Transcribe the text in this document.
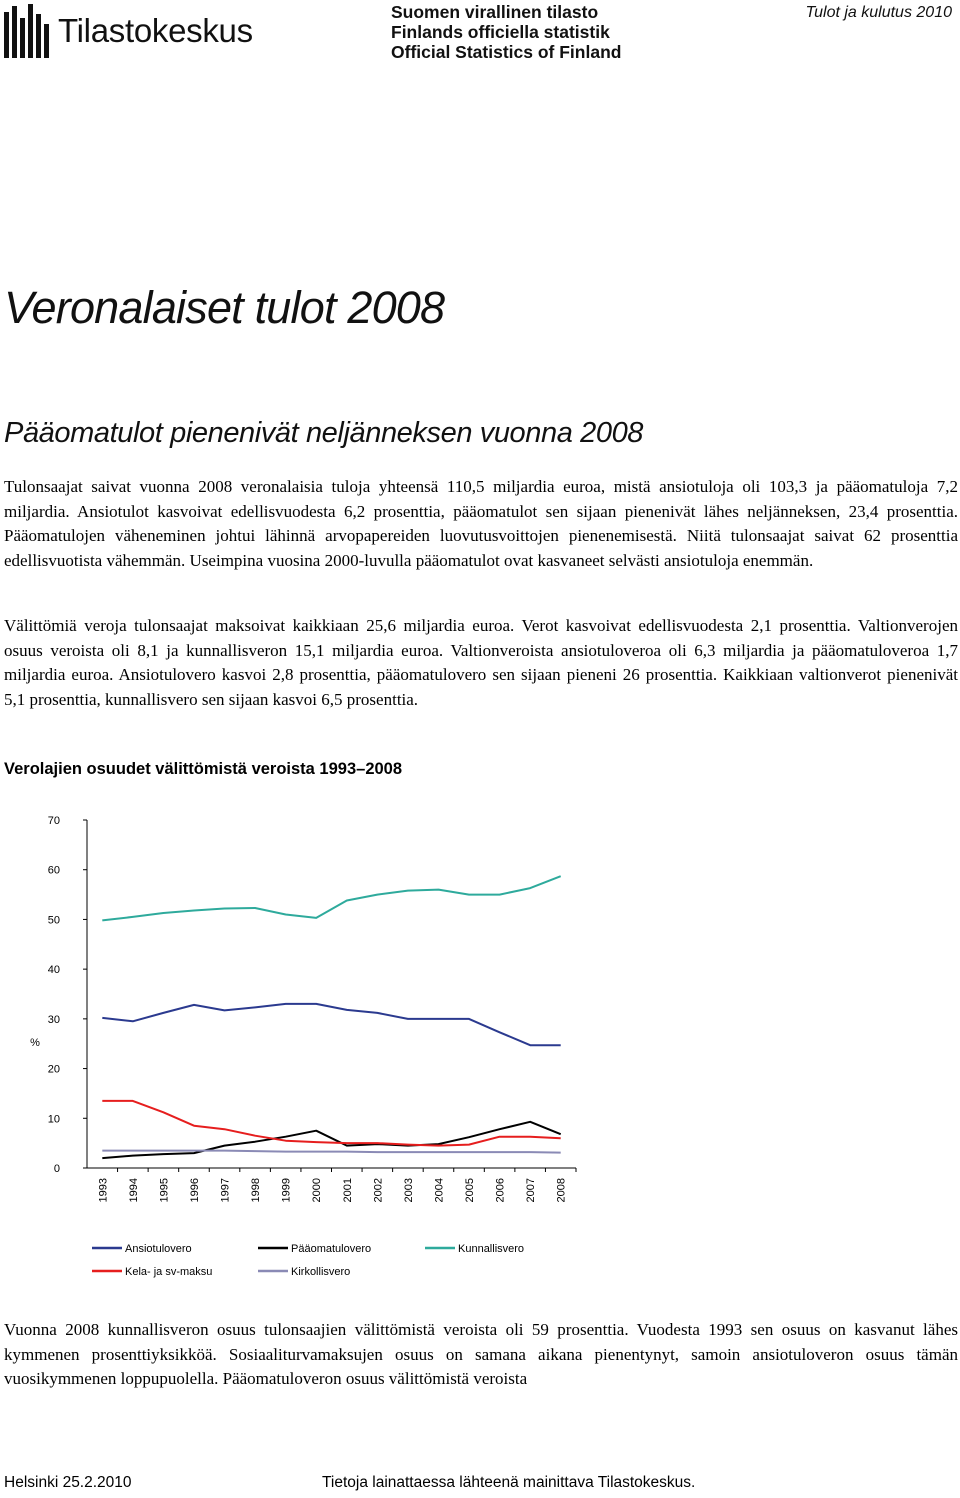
Tilastokeskus	Suomen virallinen tilasto
Finlands officiella statistik
Official Statistics of Finland
Tulot ja kulutus 2010
Veronalaiset tulot 2008
Pääomatulot pienenivät neljänneksen vuonna 2008

Tulonsaajat saivat vuonna 2008 veronalaisia tuloja yhteensä 110,5 miljardia euroa, mistä ansiotuloja oli 103,3 ja pääomatuloja 7,2 miljardia. Ansiotulot kasvoivat edellisvuodesta 6,2 prosenttia, pääomatulot sen sijaan pienenivät lähes neljänneksen, 23,4 prosenttia. Pääomatulojen väheneminen johtui lähinnä arvopapereiden luovutusvoittojen pienenemisestä. Niitä tulonsaajat saivat 62 prosenttia edellisvuotista vähemmän. Useimpina vuosina 2000-luvulla pääomatulot ovat kasvaneet selvästi ansiotuloja enemmän.

Välittömiä veroja tulonsaajat maksoivat kaikkiaan 25,6 miljardia euroa. Verot kasvoivat edellisvuodesta 2,1 prosenttia. Valtionverojen osuus veroista oli 8,1 ja kunnallisveron 15,1 miljardia euroa. Valtionveroista ansiotuloveroa oli 6,3 miljardia ja pääomatuloveroa 1,7 miljardia euroa. Ansiotulovero kasvoi 2,8 prosenttia, pääomatulovero sen sijaan pieneni 26 prosenttia. Kaikkiaan valtionverot pienenivät 5,1 prosenttia, kunnallisvero sen sijaan kasvoi 6,5 prosenttia.

Verolajien osuudet välittömistä veroista 1993–2008
0
10
20
30
40
50
60
70
%
1993 1994 1995 1996 1997 1998 1999 2000 2001 2002 2003 2004 2005 2006 2007 2008
Ansiotulovero	Pääomatulovero	Kunnallisvero
Kela- ja sv-maksu	Kirkollisvero

Vuonna 2008 kunnallisveron osuus tulonsaajien välittömistä veroista oli 59 prosenttia. Vuodesta 1993 sen osuus on kasvanut lähes kymmenen prosenttiyksikköä. Sosiaaliturvamaksujen osuus on samana aikana pienentynyt, samoin ansiotuloveron osuus tämän vuosikymmenen loppupuolella. Pääomatuloveron osuus välittömistä veroista

Helsinki 25.2.2010	Tietoja lainattaessa lähteenä mainittava Tilastokeskus.
